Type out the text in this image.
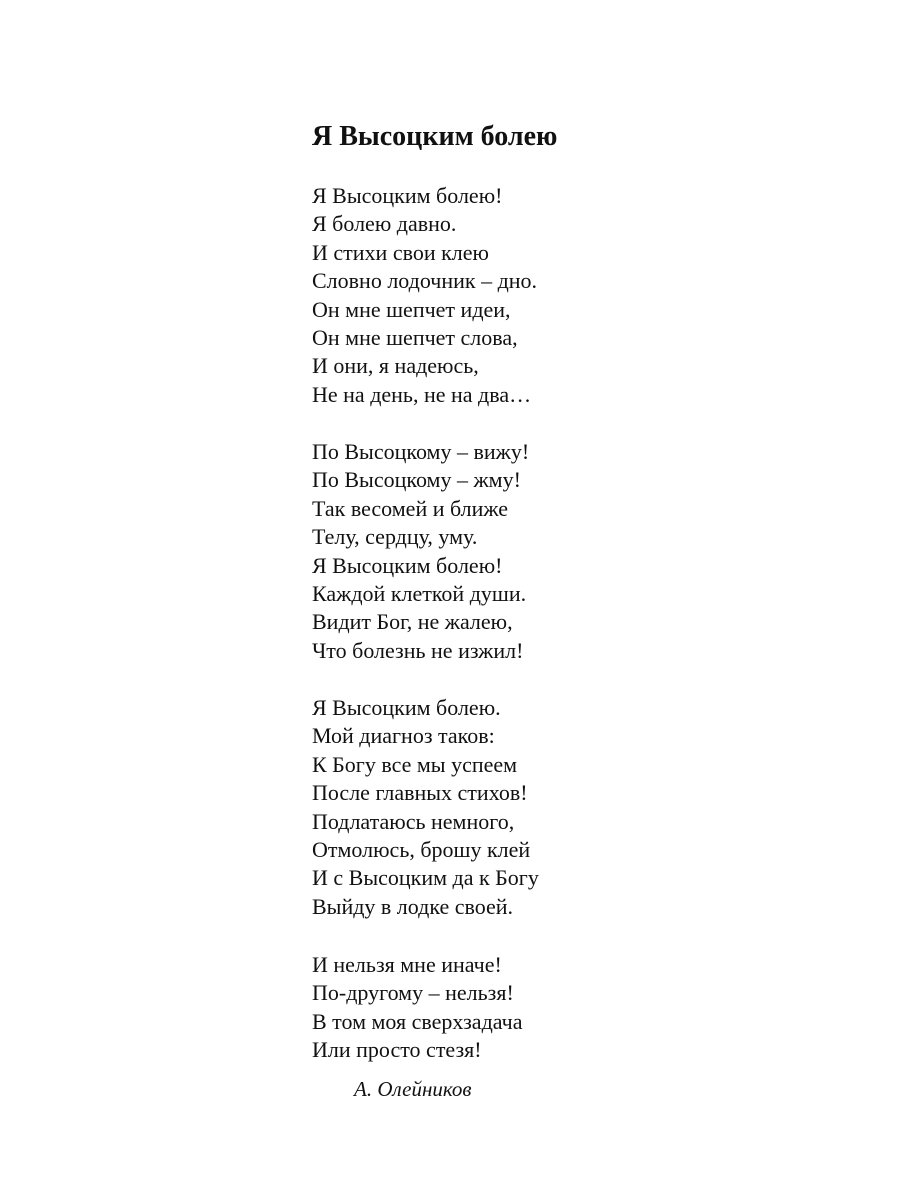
Я Высоцким болею
Я Высоцким болею!
Я болею давно.
И стихи свои клею
Словно лодочник – дно.
Он мне шепчет идеи,
Он мне шепчет слова,
И они, я надеюсь,
Не на день, не на два…
По Высоцкому – вижу!
По Высоцкому – жму!
Так весомей и ближе
Телу, сердцу, уму.
Я Высоцким болею!
Каждой клеткой души.
Видит Бог, не жалею,
Что болезнь не изжил!
Я Высоцким болею.
Мой диагноз таков:
К Богу все мы успеем
После главных стихов!
Подлатаюсь немного,
Отмолюсь, брошу клей
И с Высоцким да к Богу
Выйду в лодке своей.
И нельзя мне иначе!
По-другому – нельзя!
В том моя сверхзадача
Или просто стезя!

А. Олейников
